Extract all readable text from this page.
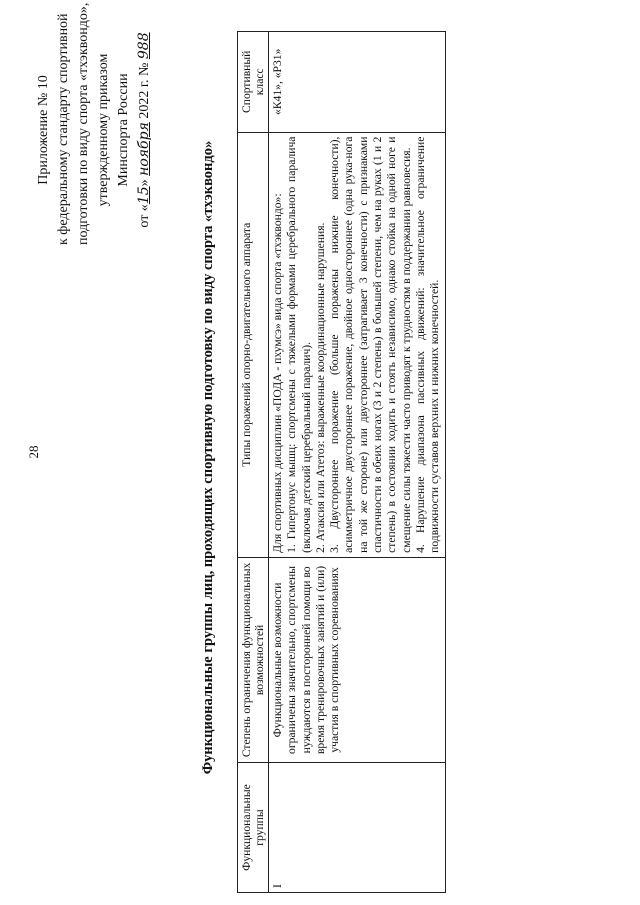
28
Приложение № 10 к федеральному стандарту спортивной подготовки по виду спорта «тхэквондо», утвержденному приказом Минспорта России
от «15» ноября 2022 г. № 988
Функциональные группы лиц, проходящих спортивную подготовку по виду спорта «тхэквондо»
Функциональные группы	Степень ограничения функциональных возможностей	Типы поражений опорно-двигательного аппарата	Спортивный класс
I	Функциональные возможности ограничены значительно, спортсмены нуждаются в посторонней помощи во время тренировочных занятий и (или) участия в спортивных соревнованиях	Для спортивных дисциплин «ПОДА - пхумсэ» вида спорта «тхэквондо»: 1. Гипертонус мышц: спортсмены с тяжелыми формами церебрального паралича (включая детский церебральный паралич). 2. Атаксия или Атетоз: выраженные координационные нарушения. 3. Двустороннее поражение (больше поражены нижние конечности), асимметричное двустороннее поражение, двойное одностороннее (одна рука-нога на той же стороне) или двустороннее (затрагивает 3 конечности) с признаками спастичности в обеих ногах (3 и 2 степень) в большей степени, чем на руках (1 и 2 степень) в состоянии ходить и стоять независимо, однако стойка на одной ноге и смещение силы тяжести часто приводят к трудностям в поддержании равновесия. 4. Нарушение диапазона пассивных движений: значительное ограничение подвижности суставов верхних и нижних конечностей.	«К41», «Р31»
